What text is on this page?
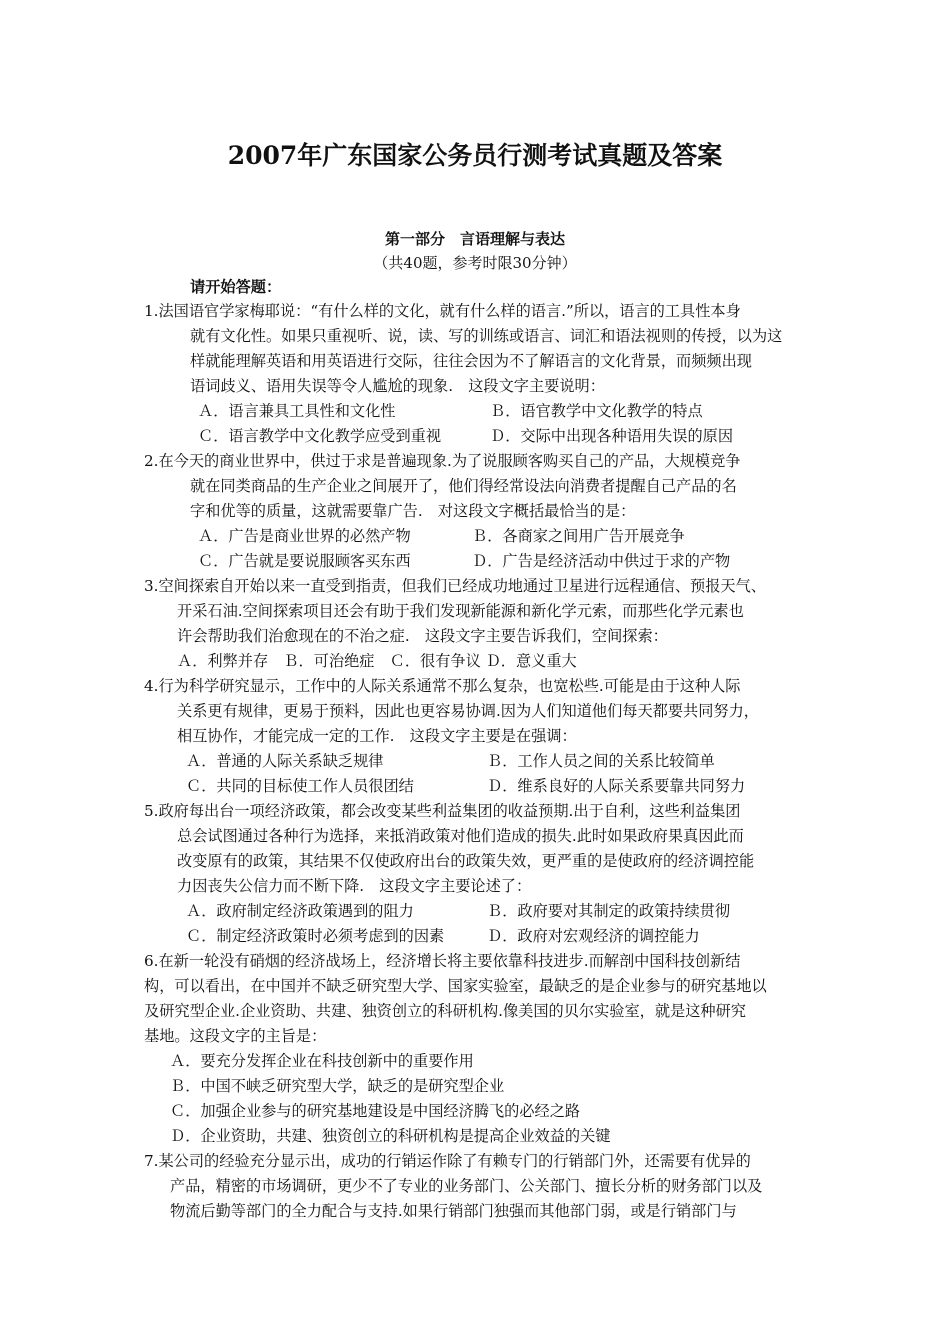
2007年广东国家公务员行测考试真题及答案
第一部分　言语理解与表达
（共40题，参考时限30分钟）
请开始答题：
1.法国语官学家梅耶说：“有什么样的文化，就有什么样的语言.”所以，语言的工具性本身
就有文化性。如果只重视听、说，读、写的训练或语言、词汇和语法视则的传授，以为这
样就能理解英语和用英语进行交际，往往会因为不了解语言的文化背景，而频频出现
语词歧义、语用失误等令人尴尬的现象.　这段文字主要说明：
Ａ．语言兼具工具性和文化性	Ｂ．语官教学中文化教学的特点
Ｃ．语言教学中文化教学应受到重视	Ｄ．交际中出现各种语用失误的原因
2.在今天的商业世界中，供过于求是普遍现象.为了说服顾客购买自己的产品，大规模竞争
就在同类商品的生产企业之间展开了，他们得经常设法向消费者提醒自己产品的名
字和优等的质量，这就需要靠广告.　对这段文字概括最恰当的是：
Ａ．广告是商业世界的必然产物	Ｂ．各商家之间用广告开展竞争
Ｃ．广告就是要说服顾客买东西	Ｄ．广告是经济活动中供过于求的产物
3.空间探索自开始以来一直受到指责，但我们已经成功地通过卫星进行远程通信、预报天气、
开采石油.空间探索项目还会有助于我们发现新能源和新化学元索，而那些化学元素也
许会帮助我们治愈现在的不治之症.　这段文字主要告诉我们，空间探索：
Ａ．利弊并存　Ｂ．可治绝症　Ｃ．很有争议 Ｄ．意义重大
4.行为科学研究显示，工作中的人际关系通常不那么复杂，也宽松些.可能是由于这种人际
关系更有规律，更易于预料，因此也更容易协调.因为人们知道他们每天都要共同努力，
相互协作，才能完成一定的工作.　这段文字主要是在强调：
Ａ．普通的人际关系缺乏规律	Ｂ．工作人员之间的关系比较简单
Ｃ．共同的目标使工作人员很团结	Ｄ．维系良好的人际关系要靠共同努力
5.政府每出台一项经济政策，都会改变某些利益集团的收益预期.出于自利，这些利益集团
总会试图通过各种行为选择，来抵消政策对他们造成的损失.此时如果政府果真因此而
改变原有的政策，其结果不仅使政府出台的政策失效，更严重的是使政府的经济调控能
力因丧失公信力而不断下降.　这段文字主要论述了：
Ａ．政府制定经济政策遇到的阻力	Ｂ．政府要对其制定的政策持续贯彻
Ｃ．制定经济政策时必须考虑到的因素	Ｄ．政府对宏观经济的调控能力
6.在新一轮没有硝烟的经济战场上，经济增长将主要依靠科技进步.而解剖中国科技创新结
构，可以看出，在中国并不缺乏研究型大学、国家实验室，最缺乏的是企业参与的研究基地以
及研究型企业.企业资助、共建、独资创立的科研机构.像美国的贝尔实验室，就是这种研究
基地。这段文字的主旨是：
Ａ．要充分发挥企业在科技创新中的重要作用
Ｂ．中国不峡乏研究型大学，缺乏的是研究型企业
Ｃ．加强企业参与的研究基地建设是中国经济腾飞的必经之路
Ｄ．企业资助，共建、独资创立的科研机构是提高企业效益的关键
7.某公司的经验充分显示出，成功的行销运作除了有赖专门的行销部门外，还需要有优异的
产品，精密的市场调研，更少不了专业的业务部门、公关部门、擅长分析的财务部门以及
物流后勤等部门的全力配合与支持.如果行销部门独强而其他部门弱，或是行销部门与
